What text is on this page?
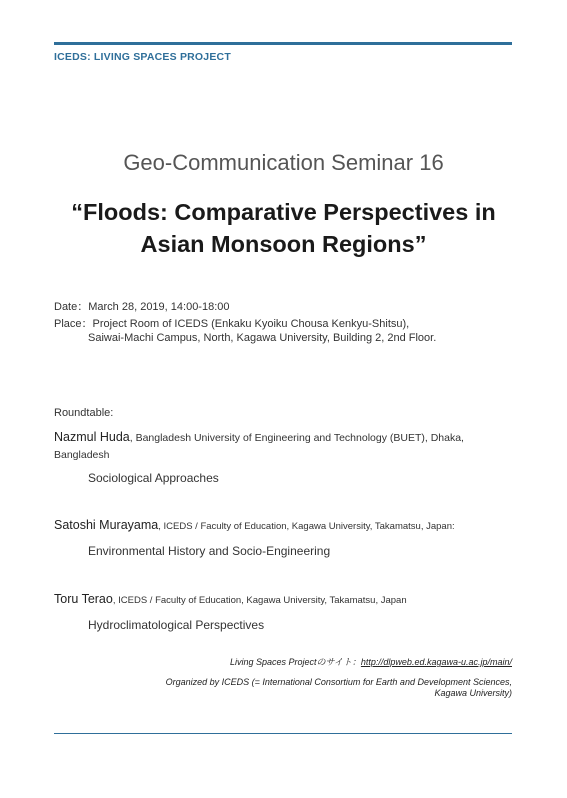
ICEDS: LIVING SPACES PROJECT
Geo-Communication Seminar 16
“Floods: Comparative Perspectives in
Asian Monsoon Regions”
Date：March 28, 2019, 14:00-18:00
Place：Project Room of ICEDS (Enkaku Kyoiku Chousa Kenkyu-Shitsu),
Saiwai-Machi Campus, North, Kagawa University, Building 2, 2nd Floor.
Roundtable:
Nazmul Huda, Bangladesh University of Engineering and Technology (BUET), Dhaka, Bangladesh
Sociological Approaches
Satoshi Murayama, ICEDS / Faculty of Education, Kagawa University, Takamatsu, Japan:
Environmental History and Socio-Engineering
Toru Terao, ICEDS / Faculty of Education, Kagawa University, Takamatsu, Japan
Hydroclimatological Perspectives
Living Spaces Projectのサイト：http://dlpweb.ed.kagawa-u.ac.jp/main/
Organized by ICEDS (= International Consortium for Earth and Development Sciences,
Kagawa University)
